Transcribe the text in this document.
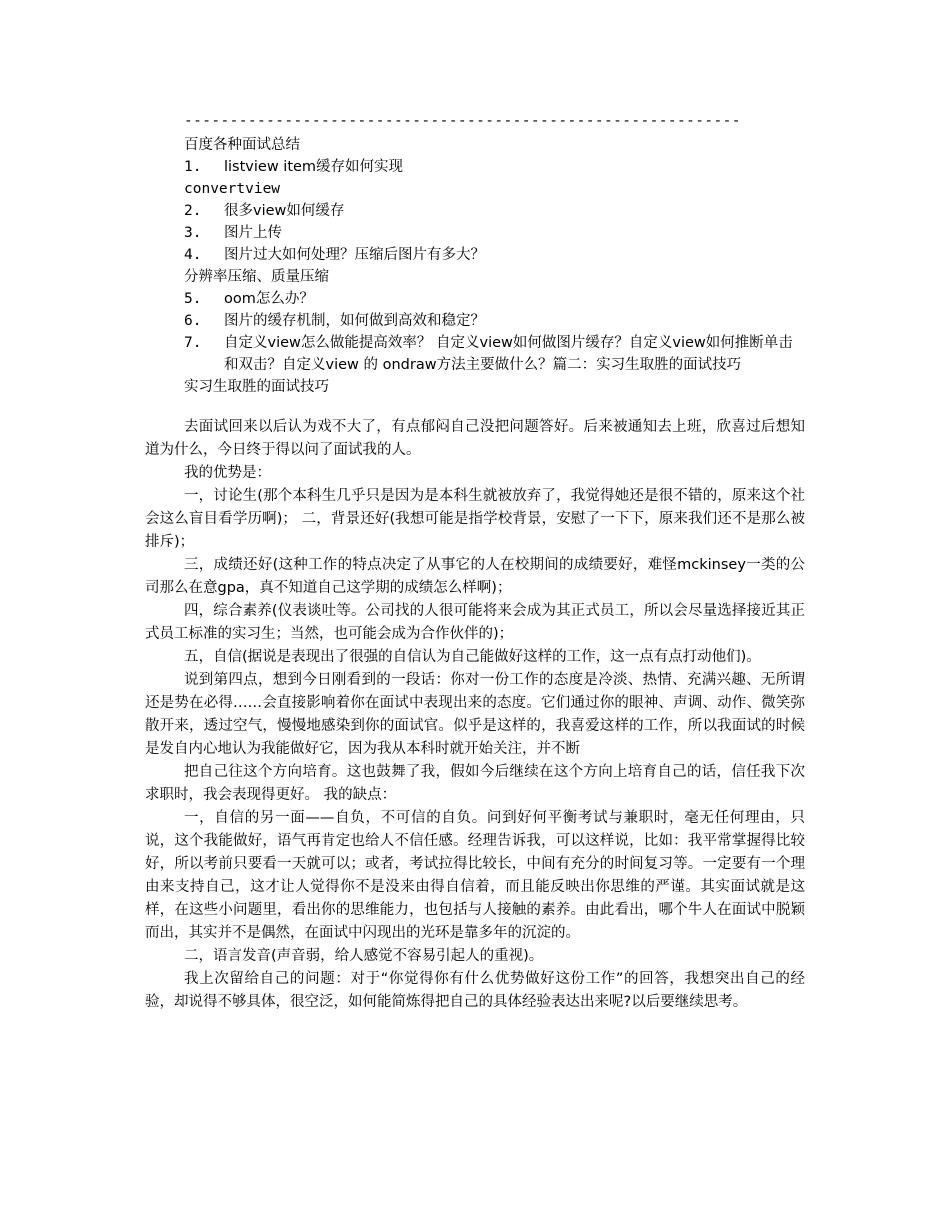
-------------------------------------------------------------
百度各种面试总结
1.	listview item缓存如何实现
convertview
2.	很多view如何缓存
3.	图片上传
4.	图片过大如何处理？压缩后图片有多大？
分辨率压缩、质量压缩
5.	oom怎么办？
6.	图片的缓存机制，如何做到高效和稳定？
7.	自定义view怎么做能提高效率？ 自定义view如何做图片缓存？自定义view如何推断单击和双击？自定义view 的 ondraw方法主要做什么？篇二：实习生取胜的面试技巧
实习生取胜的面试技巧

去面试回来以后认为戏不大了，有点郁闷自己没把问题答好。后来被通知去上班，欣喜过后想知道为什么，今日终于得以问了面试我的人。

我的优势是：

一，讨论生(那个本科生几乎只是因为是本科生就被放弃了，我觉得她还是很不错的，原来这个社会这么盲目看学历啊)； 二，背景还好(我想可能是指学校背景，安慰了一下下，原来我们还不是那么被排斥)；

三，成绩还好(这种工作的特点决定了从事它的人在校期间的成绩要好，难怪mckinsey一类的公司那么在意gpa，真不知道自己这学期的成绩怎么样啊)；

四，综合素养(仪表谈吐等。公司找的人很可能将来会成为其正式员工，所以会尽量选择接近其正式员工标准的实习生；当然，也可能会成为合作伙伴的)；

五，自信(据说是表现出了很强的自信认为自己能做好这样的工作，这一点有点打动他们)。

说到第四点，想到今日刚看到的一段话：你对一份工作的态度是冷淡、热情、充满兴趣、无所谓还是势在必得……会直接影响着你在面试中表现出来的态度。它们通过你的眼神、声调、动作、微笑弥散开来，透过空气，慢慢地感染到你的面试官。似乎是这样的，我喜爱这样的工作，所以我面试的时候是发自内心地认为我能做好它，因为我从本科时就开始关注，并不断

把自己往这个方向培育。这也鼓舞了我，假如今后继续在这个方向上培育自己的话，信任我下次求职时，我会表现得更好。 我的缺点：

一，自信的另一面——自负，不可信的自负。问到好何平衡考试与兼职时，毫无任何理由，只说，这个我能做好，语气再肯定也给人不信任感。经理告诉我，可以这样说，比如：我平常掌握得比较好，所以考前只要看一天就可以；或者，考试拉得比较长，中间有充分的时间复习等。一定要有一个理由来支持自己，这才让人觉得你不是没来由得自信着，而且能反映出你思维的严谨。其实面试就是这样，在这些小问题里，看出你的思维能力，也包括与人接触的素养。由此看出，哪个牛人在面试中脱颖而出，其实并不是偶然，在面试中闪现出的光环是靠多年的沉淀的。

二，语言发音(声音弱，给人感觉不容易引起人的重视)。

我上次留给自己的问题：对于“你觉得你有什么优势做好这份工作”的回答，我想突出自己的经验，却说得不够具体，很空泛，如何能简炼得把自己的具体经验表达出来呢?以后要继续思考。
